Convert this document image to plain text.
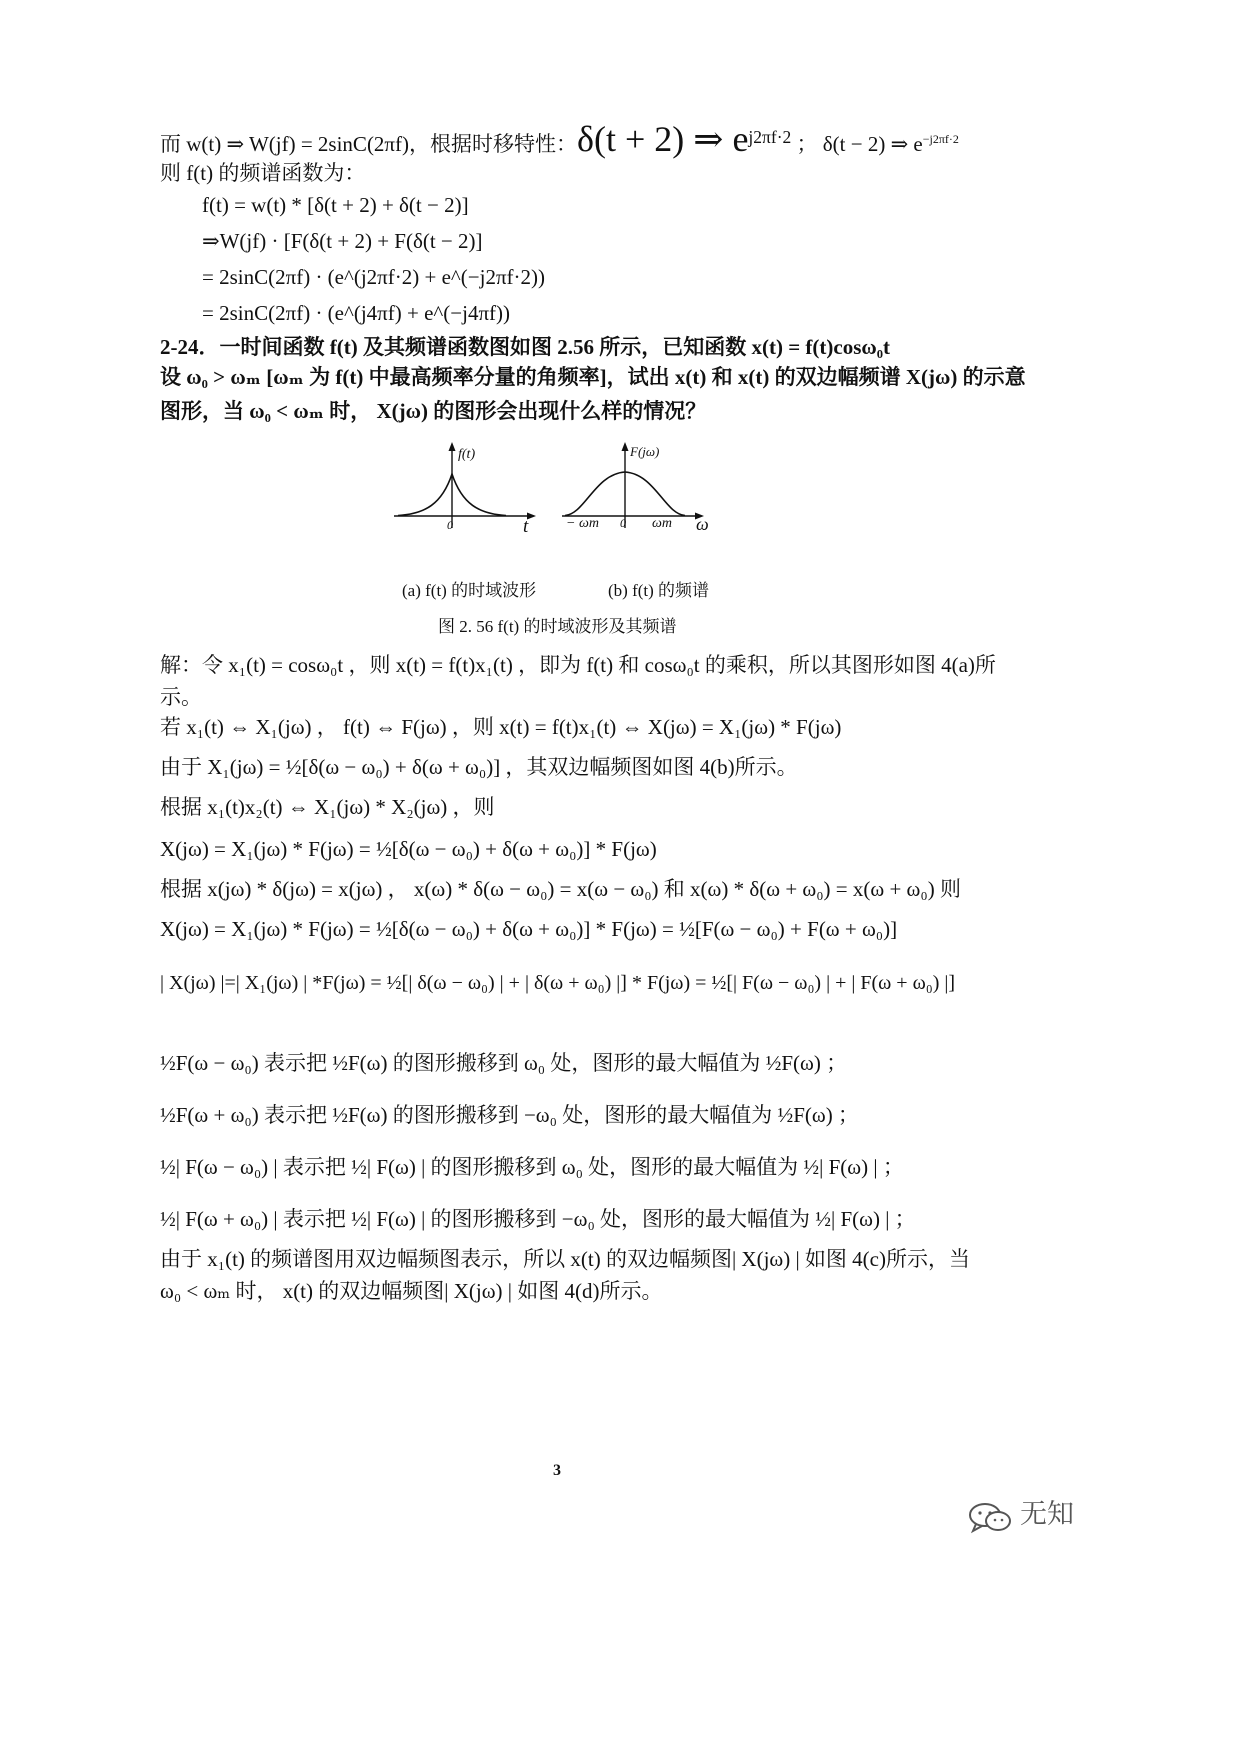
而 w(t) ⇒ W(jf) = 2sinC(2πf)，根据时移特性：δ(t + 2) ⇒ $e^{j2\pi f\cdot 2}$ ； δ(t − 2) ⇒ $e^{-j2\pi f\cdot 2}$
则 f(t) 的频谱函数为：
f(t) = w(t) * [δ(t + 2) + δ(t − 2)]
⇒W(jf) · [F(δ(t + 2) + F(δ(t − 2)]
= 2sinC(2πf) · (e^(j2πf·2) + e^(−j2πf·2))
= 2sinC(2πf) · (e^(j4πf) + e^(−j4πf))
2-24．一时间函数 f(t) 及其频谱函数图如图 2.56 所示，已知函数 x(t) = f(t)cosω₀t
设 ω₀ > ωₘ [ωₘ 为 f(t) 中最高频率分量的角频率]，试出 x(t) 和 x(t) 的双边幅频谱 X(jω) 的示意
图形，当 ω₀ < ωₘ 时， X(jω) 的图形会出现什么样的情况？
f(t)
0	t
F(jω)
− ωm 0 ωm ω
(a) f(t) 的时域波形	(b) f(t) 的频谱
图 2. 56 f(t) 的时域波形及其频谱
解：令 x₁(t) = cosω₀t ，则 x(t) = f(t)x₁(t) ，即为 f(t) 和 cosω₀t 的乘积，所以其图形如图 4(a)所
示。
若 x₁(t) ⇔ X₁(jω) ， f(t) ⇔ F(jω) ，则 x(t) = f(t)x₁(t) ⇔ X(jω) = X₁(jω) * F(jω)
由于 X₁(jω) = ½[δ(ω − ω₀) + δ(ω + ω₀)] ，其双边幅频图如图 4(b)所示。
根据 x₁(t)x₂(t) ⇔ X₁(jω) * X₂(jω) ，则
X(jω) = X₁(jω) * F(jω) = ½[δ(ω − ω₀) + δ(ω + ω₀)] * F(jω)
根据 x(jω) * δ(jω) = x(jω) ， x(ω) * δ(ω − ω₀) = x(ω − ω₀) 和 x(ω) * δ(ω + ω₀) = x(ω + ω₀) 则
X(jω) = X₁(jω) * F(jω) = ½[δ(ω − ω₀) + δ(ω + ω₀)] * F(jω) = ½[F(ω − ω₀) + F(ω + ω₀)]
| X(jω) |=| X₁(jω) | *F(jω) = ½[| δ(ω − ω₀) | + | δ(ω + ω₀) |] * F(jω) = ½[| F(ω − ω₀) | + | F(ω + ω₀) |]
½F(ω − ω₀) 表示把 ½F(ω) 的图形搬移到 ω₀ 处，图形的最大幅值为 ½F(ω) ；
½F(ω + ω₀) 表示把 ½F(ω) 的图形搬移到 −ω₀ 处，图形的最大幅值为 ½F(ω) ；
½| F(ω − ω₀) | 表示把 ½| F(ω) | 的图形搬移到 ω₀ 处，图形的最大幅值为 ½| F(ω) | ；
½| F(ω + ω₀) | 表示把 ½| F(ω) | 的图形搬移到 −ω₀ 处，图形的最大幅值为 ½| F(ω) | ；
由于 x₁(t) 的频谱图用双边幅频图表示，所以 x(t) 的双边幅频图| X(jω) | 如图 4(c)所示，当
ω₀ < ωₘ 时， x(t) 的双边幅频图| X(jω) | 如图 4(d)所示。
3
无知
